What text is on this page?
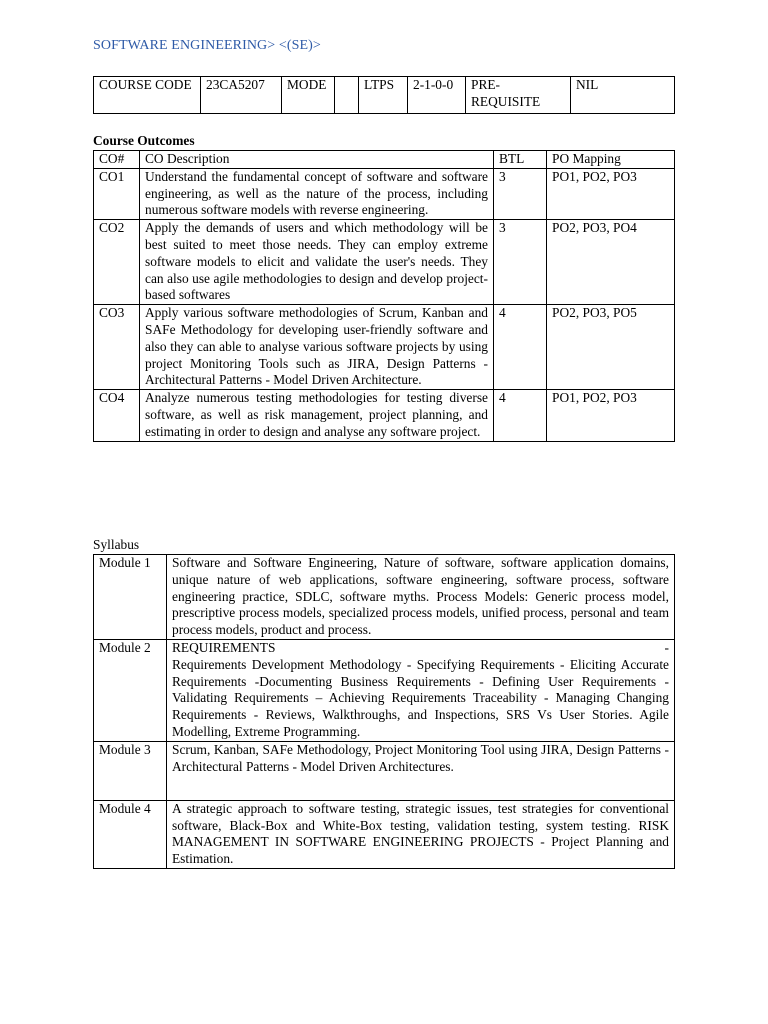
SOFTWARE ENGINEERING> <(SE)>
COURSE CODE	23CA5207	MODE		LTPS	2-1-0-0	PRE-REQUISITE	NIL
Course Outcomes
CO#	CO Description	BTL	PO Mapping
CO1	Understand the fundamental concept of software and software engineering, as well as the nature of the process, including numerous software models with reverse engineering.	3	PO1, PO2, PO3
CO2	Apply the demands of users and which methodology will be best suited to meet those needs. They can employ extreme software models to elicit and validate the user's needs. They can also use agile methodologies to design and develop project-based softwares	3	PO2, PO3, PO4
CO3	Apply various software methodologies of Scrum, Kanban and SAFe Methodology for developing user-friendly software and also they can able to analyse various software projects by using project Monitoring Tools such as JIRA, Design Patterns - Architectural Patterns - Model Driven Architecture.	4	PO2, PO3, PO5
CO4	Analyze numerous testing methodologies for testing diverse software, as well as risk management, project planning, and estimating in order to design and analyse any software project.	4	PO1, PO2, PO3
Syllabus
Module 1	Software and Software Engineering, Nature of software, software application domains, unique nature of web applications, software engineering, software process, software engineering practice, SDLC, software myths. Process Models: Generic process model, prescriptive process models, specialized process models, unified process, personal and team process models, product and process.
Module 2	REQUIREMENTS -
Requirements Development Methodology - Specifying Requirements - Eliciting Accurate Requirements -Documenting Business Requirements - Defining User Requirements - Validating Requirements – Achieving Requirements Traceability - Managing Changing Requirements - Reviews, Walkthroughs, and Inspections, SRS Vs User Stories. Agile Modelling, Extreme Programming.

Module 3	Scrum, Kanban, SAFe Methodology, Project Monitoring Tool using JIRA, Design Patterns - Architectural Patterns - Model Driven Architectures.
Module 4	A strategic approach to software testing, strategic issues, test strategies for conventional software, Black-Box and White-Box testing, validation testing, system testing. RISK MANAGEMENT IN SOFTWARE ENGINEERING PROJECTS - Project Planning and Estimation.
